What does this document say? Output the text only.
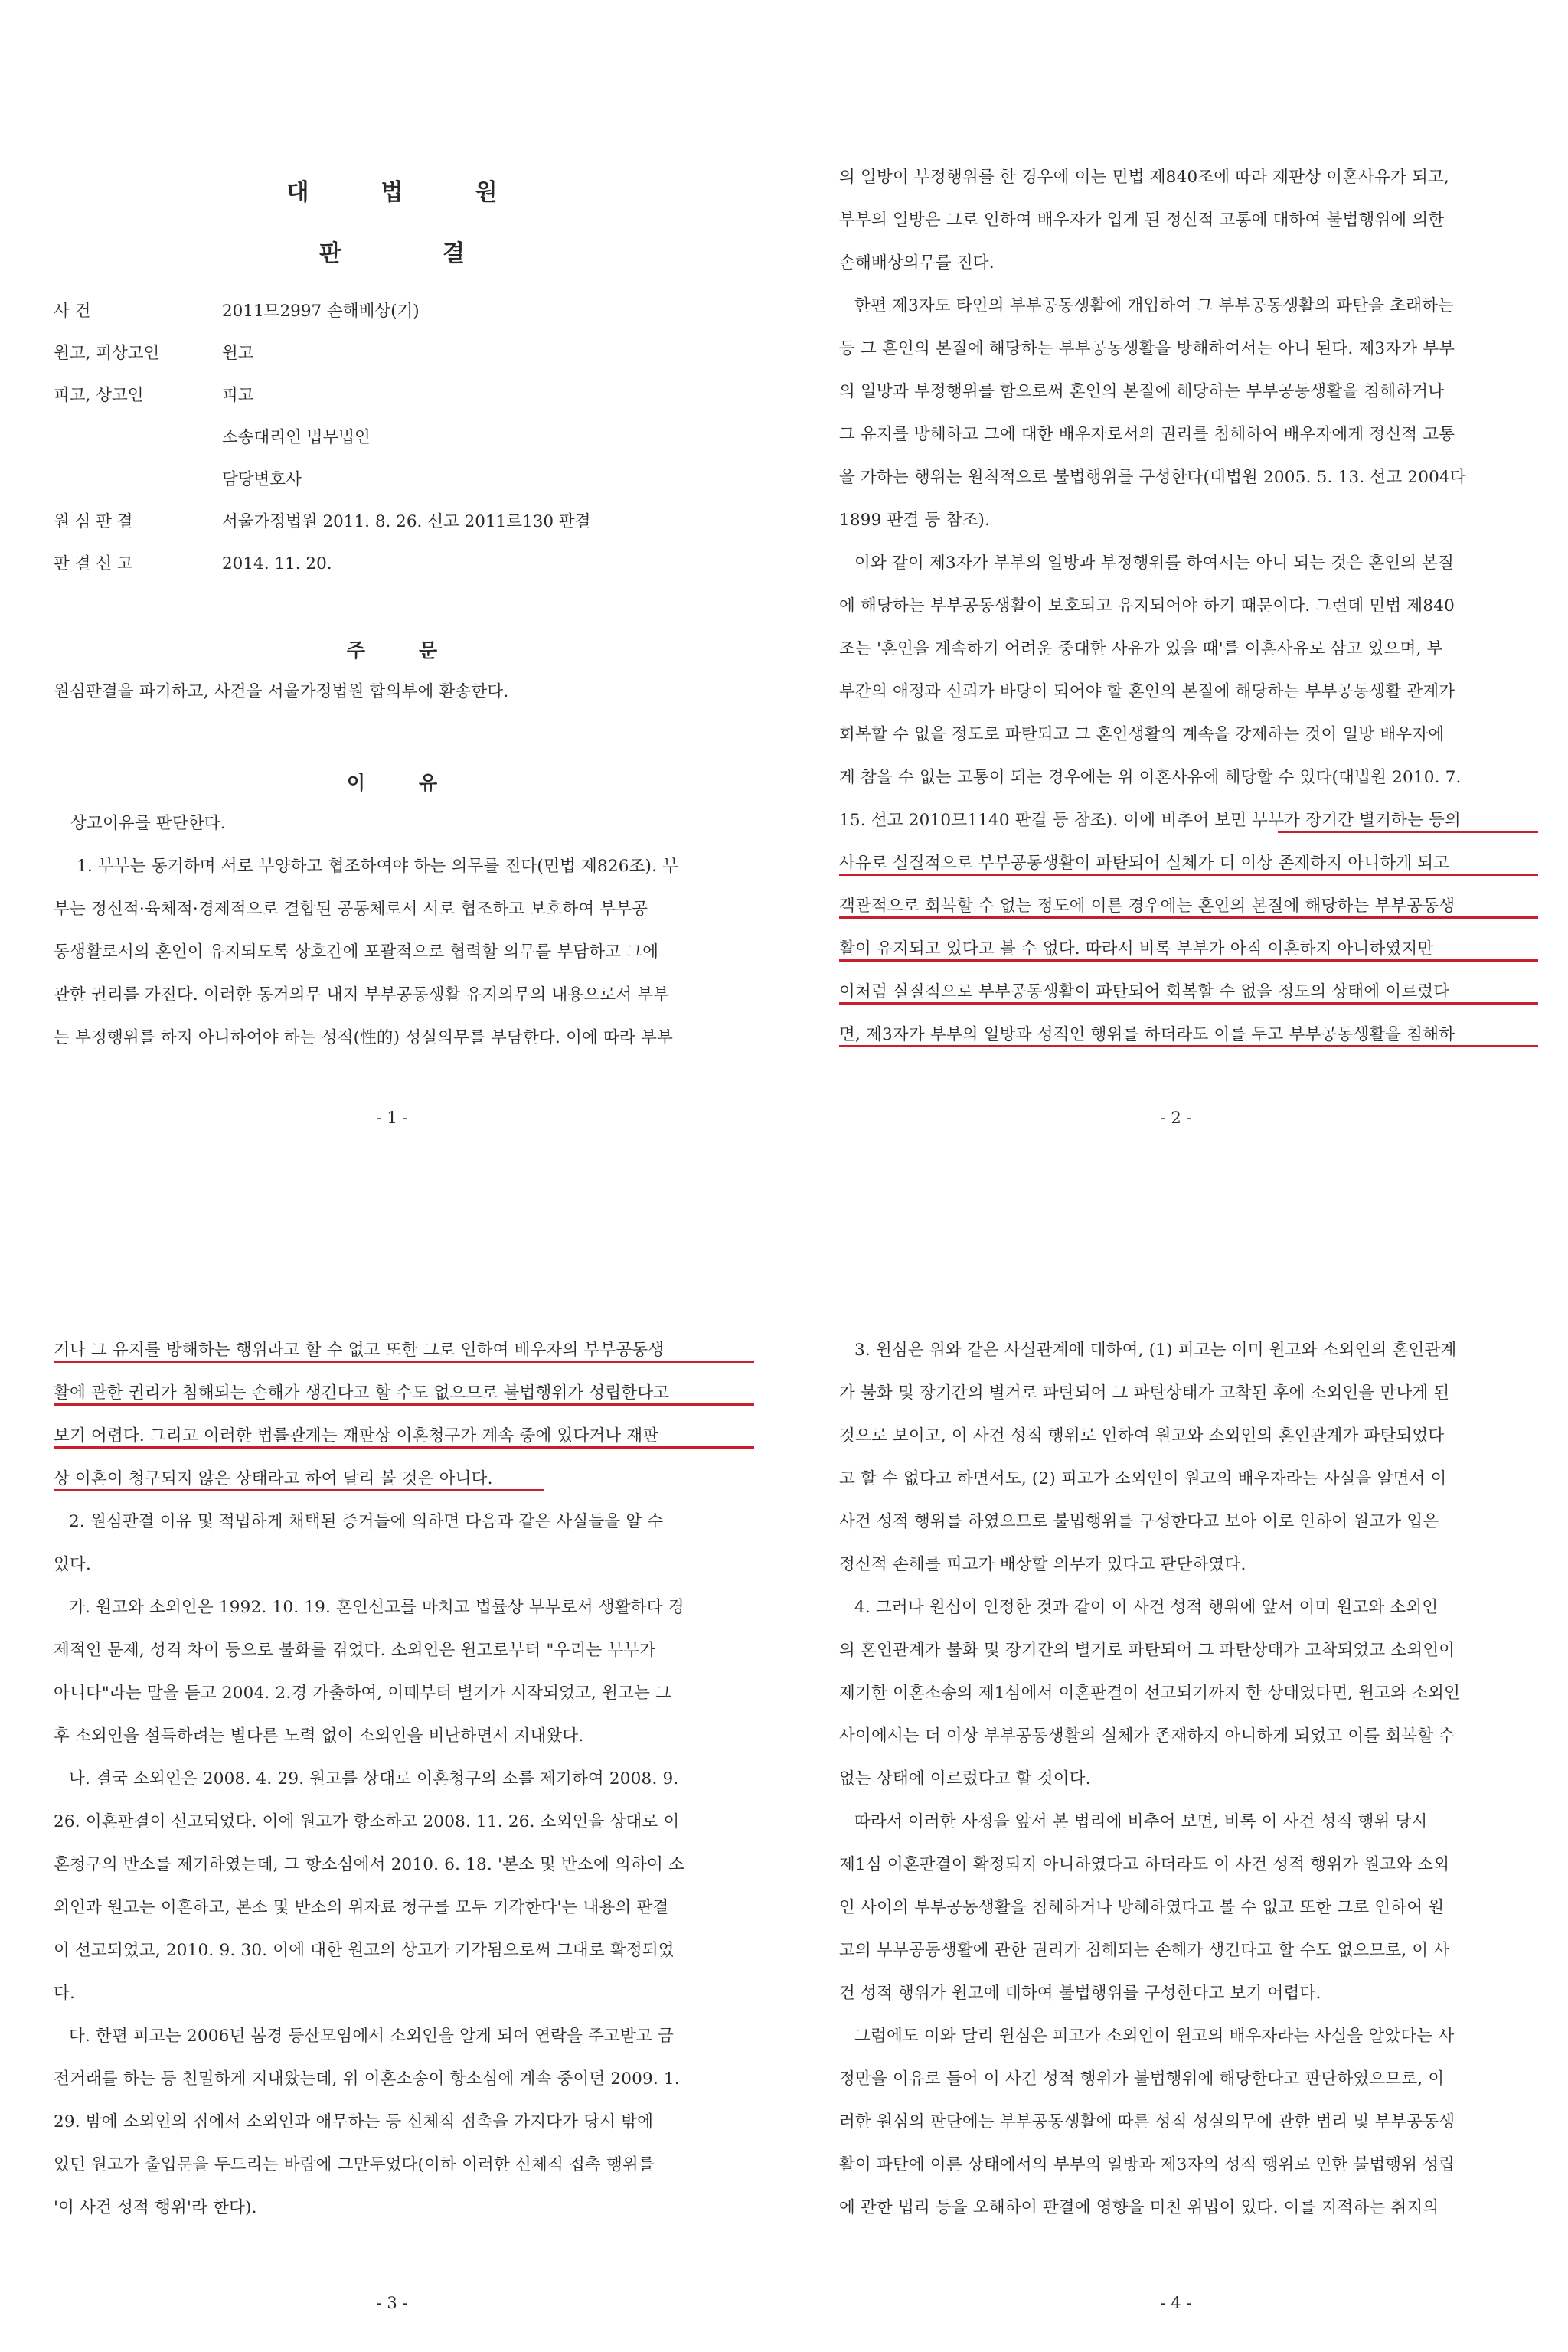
대법원
판결
사 건	2011므2997 손해배상(기)
원고, 피상고인	원고
피고, 상고인	피고
소송대리인 법무법인
담당변호사
원 심 판 결	서울가정법원 2011. 8. 26. 선고 2011르130 판결
판 결 선 고	2014. 11. 20.
주문
원심판결을 파기하고, 사건을 서울가정법원 합의부에 환송한다.
이유
상고이유를 판단한다.
1. 부부는 동거하며 서로 부양하고 협조하여야 하는 의무를 진다(민법 제826조). 부
부는 정신적·육체적·경제적으로 결합된 공동체로서 서로 협조하고 보호하여 부부공
동생활로서의 혼인이 유지되도록 상호간에 포괄적으로 협력할 의무를 부담하고 그에
관한 권리를 가진다. 이러한 동거의무 내지 부부공동생활 유지의무의 내용으로서 부부
는 부정행위를 하지 아니하여야 하는 성적(性的) 성실의무를 부담한다. 이에 따라 부부
- 1 -
의 일방이 부정행위를 한 경우에 이는 민법 제840조에 따라 재판상 이혼사유가 되고,
부부의 일방은 그로 인하여 배우자가 입게 된 정신적 고통에 대하여 불법행위에 의한
손해배상의무를 진다.
한편 제3자도 타인의 부부공동생활에 개입하여 그 부부공동생활의 파탄을 초래하는
등 그 혼인의 본질에 해당하는 부부공동생활을 방해하여서는 아니 된다. 제3자가 부부
의 일방과 부정행위를 함으로써 혼인의 본질에 해당하는 부부공동생활을 침해하거나
그 유지를 방해하고 그에 대한 배우자로서의 권리를 침해하여 배우자에게 정신적 고통
을 가하는 행위는 원칙적으로 불법행위를 구성한다(대법원 2005. 5. 13. 선고 2004다
1899 판결 등 참조).
이와 같이 제3자가 부부의 일방과 부정행위를 하여서는 아니 되는 것은 혼인의 본질
에 해당하는 부부공동생활이 보호되고 유지되어야 하기 때문이다. 그런데 민법 제840
조는 '혼인을 계속하기 어려운 중대한 사유가 있을 때'를 이혼사유로 삼고 있으며, 부
부간의 애정과 신뢰가 바탕이 되어야 할 혼인의 본질에 해당하는 부부공동생활 관계가
회복할 수 없을 정도로 파탄되고 그 혼인생활의 계속을 강제하는 것이 일방 배우자에
게 참을 수 없는 고통이 되는 경우에는 위 이혼사유에 해당할 수 있다(대법원 2010. 7.
15. 선고 2010므1140 판결 등 참조). 이에 비추어 보면 부부가 장기간 별거하는 등의
사유로 실질적으로 부부공동생활이 파탄되어 실체가 더 이상 존재하지 아니하게 되고
객관적으로 회복할 수 없는 정도에 이른 경우에는 혼인의 본질에 해당하는 부부공동생
활이 유지되고 있다고 볼 수 없다. 따라서 비록 부부가 아직 이혼하지 아니하였지만
이처럼 실질적으로 부부공동생활이 파탄되어 회복할 수 없을 정도의 상태에 이르렀다
면, 제3자가 부부의 일방과 성적인 행위를 하더라도 이를 두고 부부공동생활을 침해하
- 2 -
거나 그 유지를 방해하는 행위라고 할 수 없고 또한 그로 인하여 배우자의 부부공동생
활에 관한 권리가 침해되는 손해가 생긴다고 할 수도 없으므로 불법행위가 성립한다고
보기 어렵다. 그리고 이러한 법률관계는 재판상 이혼청구가 계속 중에 있다거나 재판
상 이혼이 청구되지 않은 상태라고 하여 달리 볼 것은 아니다.
2. 원심판결 이유 및 적법하게 채택된 증거들에 의하면 다음과 같은 사실들을 알 수
있다.
가. 원고와 소외인은 1992. 10. 19. 혼인신고를 마치고 법률상 부부로서 생활하다 경
제적인 문제, 성격 차이 등으로 불화를 겪었다. 소외인은 원고로부터 "우리는 부부가
아니다"라는 말을 듣고 2004. 2.경 가출하여, 이때부터 별거가 시작되었고, 원고는 그
후 소외인을 설득하려는 별다른 노력 없이 소외인을 비난하면서 지내왔다.
나. 결국 소외인은 2008. 4. 29. 원고를 상대로 이혼청구의 소를 제기하여 2008. 9.
26. 이혼판결이 선고되었다. 이에 원고가 항소하고 2008. 11. 26. 소외인을 상대로 이
혼청구의 반소를 제기하였는데, 그 항소심에서 2010. 6. 18. '본소 및 반소에 의하여 소
외인과 원고는 이혼하고, 본소 및 반소의 위자료 청구를 모두 기각한다'는 내용의 판결
이 선고되었고, 2010. 9. 30. 이에 대한 원고의 상고가 기각됨으로써 그대로 확정되었
다.
다. 한편 피고는 2006년 봄경 등산모임에서 소외인을 알게 되어 연락을 주고받고 금
전거래를 하는 등 친밀하게 지내왔는데, 위 이혼소송이 항소심에 계속 중이던 2009. 1.
29. 밤에 소외인의 집에서 소외인과 애무하는 등 신체적 접촉을 가지다가 당시 밖에
있던 원고가 출입문을 두드리는 바람에 그만두었다(이하 이러한 신체적 접촉 행위를
'이 사건 성적 행위'라 한다).
- 3 -
3. 원심은 위와 같은 사실관계에 대하여, (1) 피고는 이미 원고와 소외인의 혼인관계
가 불화 및 장기간의 별거로 파탄되어 그 파탄상태가 고착된 후에 소외인을 만나게 된
것으로 보이고, 이 사건 성적 행위로 인하여 원고와 소외인의 혼인관계가 파탄되었다
고 할 수 없다고 하면서도, (2) 피고가 소외인이 원고의 배우자라는 사실을 알면서 이
사건 성적 행위를 하였으므로 불법행위를 구성한다고 보아 이로 인하여 원고가 입은
정신적 손해를 피고가 배상할 의무가 있다고 판단하였다.
4. 그러나 원심이 인정한 것과 같이 이 사건 성적 행위에 앞서 이미 원고와 소외인
의 혼인관계가 불화 및 장기간의 별거로 파탄되어 그 파탄상태가 고착되었고 소외인이
제기한 이혼소송의 제1심에서 이혼판결이 선고되기까지 한 상태였다면, 원고와 소외인
사이에서는 더 이상 부부공동생활의 실체가 존재하지 아니하게 되었고 이를 회복할 수
없는 상태에 이르렀다고 할 것이다.
따라서 이러한 사정을 앞서 본 법리에 비추어 보면, 비록 이 사건 성적 행위 당시
제1심 이혼판결이 확정되지 아니하였다고 하더라도 이 사건 성적 행위가 원고와 소외
인 사이의 부부공동생활을 침해하거나 방해하였다고 볼 수 없고 또한 그로 인하여 원
고의 부부공동생활에 관한 권리가 침해되는 손해가 생긴다고 할 수도 없으므로, 이 사
건 성적 행위가 원고에 대하여 불법행위를 구성한다고 보기 어렵다.
그럼에도 이와 달리 원심은 피고가 소외인이 원고의 배우자라는 사실을 알았다는 사
정만을 이유로 들어 이 사건 성적 행위가 불법행위에 해당한다고 판단하였으므로, 이
러한 원심의 판단에는 부부공동생활에 따른 성적 성실의무에 관한 법리 및 부부공동생
활이 파탄에 이른 상태에서의 부부의 일방과 제3자의 성적 행위로 인한 불법행위 성립
에 관한 법리 등을 오해하여 판결에 영향을 미친 위법이 있다. 이를 지적하는 취지의
- 4 -
